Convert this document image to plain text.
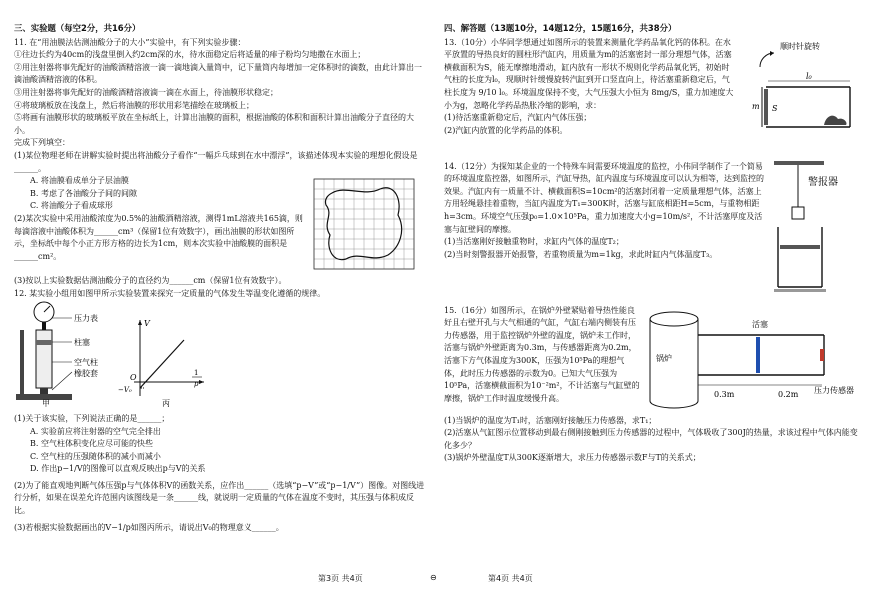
三、实验题（每空2分，共16分）

11. 在“用油膜法估测油酸分子的大小”实验中，有下列实验步骤：

①往边长约为40cm的浅盘里倒入约2cm深的水，待水面稳定后将适量的痱子粉均匀地撒在水面上；

②用注射器将事先配好的油酸酒精溶液一滴一滴地滴入量筒中，记下量筒内每增加一定体积时的滴数，由此计算出一滴油酸酒精溶液的体积。

③用注射器将事先配好的油酸酒精溶液滴一滴在水面上，待油膜形状稳定；

④将玻璃板放在浅盘上，然后将油膜的形状用彩笔描绘在玻璃板上；

⑤将画有油膜形状的玻璃板平放在坐标纸上，计算出油膜的面积，根据油酸的体积和面积计算出油酸分子直径的大小。

完成下列填空：

(1)某位物理老师在讲解实验时提出将油酸分子看作“一幅乒乓球到在水中漂浮”，该描述体现本实验的理想化假设是______。

A. 将油膜看成单分子层油膜

B. 考虑了各油酸分子间的间隙

C. 将油酸分子看成球形

(2)某次实验中采用油酸浓度为0.5%的油酸酒精溶液，测得1mL溶液共165滴，则每滴溶液中油酸体积为______cm³（保留1位有效数字），画出油膜的形状如图所示，坐标纸中每个小正方形方格的边长为1cm，则本次实验中油酸膜的面积是______cm²。

(3)按以上实验数据估测油酸分子的直径约为______cm（保留1位有效数字）。

12. 某实验小组用如图甲所示实验装置来探究一定质量的气体发生等温变化遵循的规律。

压力表
柱塞
空气柱
橡胶套
甲
V
O
−V₀
1
p
丙

(1)关于该实验，下列说法正确的是______；

A. 实验前应将注射器的空气完全排出

B. 空气柱体积变化应尽可能的快些

C. 空气柱的压强随体积的减小而减小

D. 作出p−1/V的图像可以直观反映出p与V的关系

(2)为了能直观地判断气体压强p与气体体积V的函数关系，应作出______（选填“p−V”或“p−1/V”）图像。对图线进行分析，如果在误差允许范围内该图线是一条______线，就说明一定质量的气体在温度不变时，其压强与体积成反比。

(3)若根据实验数据画出的V−1/p如图丙所示，请说出V₀的物理意义______。

四、解答题（13题10分，14题12分，15题16分，共38分）

13.（10分）小华同学想通过如图所示的装置来测量化学药品氧化钙的体积。在水平放置的导热良好的圆柱形汽缸内，用质量为m的活塞密封一部分理想气体，活塞横截面积为S，能无摩擦地滑动，缸内放有一形状不规则化学药品氧化钙，初始时气柱的长度为l₀，现顺时针缓慢旋转汽缸到开口竖直向上，待活塞重新稳定后，气柱长度为 9/10 l₀。环境温度保持不变，大气压强大小恒为 8mg/S，重力加速度大小为g，忽略化学药品热胀冷缩的影响，求：

(1)待活塞重新稳定后，汽缸内气体压强；

(2)汽缸内放置的化学药品的体积。

顺时针旋转
l₀
m S

14.（12分）为探知某企业的一个特殊车间需要环境温度的监控，小伟同学制作了一个简易的环境温度监控器，如图所示，汽缸导热，缸内温度与环境温度可以认为相等，达到监控的效果。汽缸内有一质量不计、横截面积S=10cm²的活塞封闭着一定质量理想气体，活塞上方用轻绳悬挂着重物，当缸内温度为T₁=300K时，活塞与缸底相距H=5cm，与重物相距h=3cm。环境空气压强p₀=1.0×10⁵Pa，重力加速度大小g=10m/s²，不计活塞厚度及活塞与缸壁间的摩擦。

(1)当活塞刚好接触重物时，求缸内气体的温度T₂；

(2)当时刻警报器开始报警，若重物质量为m=1kg，求此时缸内气体温度T₃。

警报器

15.（16分）如图所示，在锅炉外壁紧贴着导热性能良好且右壁开孔与大气相通的气缸，气缸右端内侧装有压力传感器，用于监控锅炉外壁的温度，锅炉未工作时，活塞与锅炉外壁距离为0.3m，与传感器距离为0.2m，活塞下方气体温度为300K，压强为10⁵Pa的理想气体，此时压力传感器的示数为0。已知大气压强为10⁵Pa，活塞横截面积为10⁻²m²，不计活塞与气缸壁的摩擦，锅炉工作时温度缓慢升高。

锅炉
活塞
压力传感器
0.3m	0.2m

(1)当锅炉的温度为T₁时，活塞刚好接触压力传感器，求T₁；

(2)活塞从气缸图示位置移动到最右侧刚接触到压力传感器的过程中，气体吸收了300J的热量，求该过程中气体内能变化多少？

(3)锅炉外壁温度T从300K逐渐增大，求压力传感器示数F与T的关系式；

第3页 共4页	⊖	第4页 共4页
